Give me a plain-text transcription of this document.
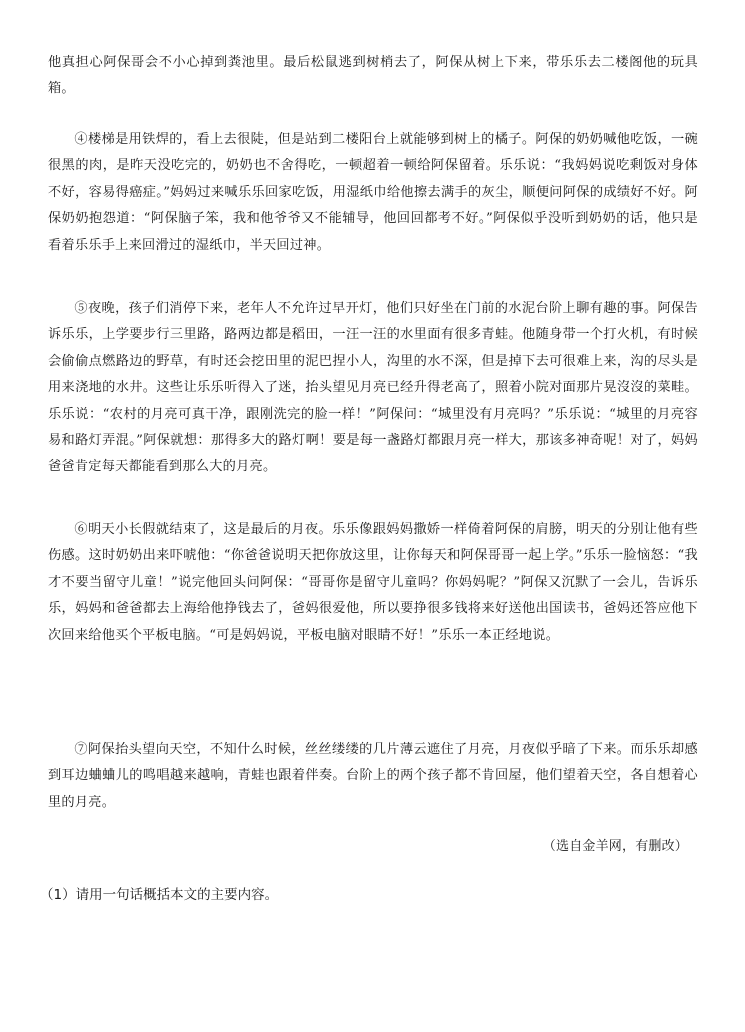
他真担心阿保哥会不小心掉到粪池里。最后松鼠逃到树梢去了，阿保从树上下来，带乐乐去二楼阁他的玩具箱。
④楼梯是用铁焊的，看上去很陡，但是站到二楼阳台上就能够到树上的橘子。阿保的奶奶喊他吃饭，一碗很黑的肉，是昨天没吃完的，奶奶也不舍得吃，一顿超着一顿给阿保留着。乐乐说：“我妈妈说吃剩饭对身体不好，容易得癌症。”妈妈过来喊乐乐回家吃饭，用湿纸巾给他擦去满手的灰尘，顺便问阿保的成绩好不好。阿保奶奶抱怨道：“阿保脑子笨，我和他爷爷又不能辅导，他回回都考不好。”阿保似乎没听到奶奶的话，他只是看着乐乐手上来回滑过的湿纸巾，半天回过神。
⑤夜晚，孩子们消停下来，老年人不允许过早开灯，他们只好坐在门前的水泥台阶上聊有趣的事。阿保告诉乐乐，上学要步行三里路，路两边都是稻田，一汪一汪的水里面有很多青蛙。他随身带一个打火机，有时候会偷偷点燃路边的野草，有时还会挖田里的泥巴捏小人，沟里的水不深，但是掉下去可很难上来，沟的尽头是用来浇地的水井。这些让乐乐听得入了迷，抬头望见月亮已经升得老高了，照着小院对面那片晃沒沒的菜畦。乐乐说：“农村的月亮可真干净，跟刚洗完的脸一样！”阿保问：“城里没有月亮吗？”乐乐说：“城里的月亮容易和路灯弄混。”阿保就想：那得多大的路灯啊！要是每一盏路灯都跟月亮一样大，那该多神奇呢！对了，妈妈爸爸肯定每天都能看到那么大的月亮。
⑥明天小长假就结束了，这是最后的月夜。乐乐像跟妈妈撒娇一样倚着阿保的肩膀，明天的分别让他有些伤感。这时奶奶出来吓唬他：“你爸爸说明天把你放这里，让你每天和阿保哥哥一起上学。”乐乐一脸恼怒：“我才不要当留守儿童！”说完他回头问阿保：“哥哥你是留守儿童吗？你妈妈呢？”阿保又沉默了一会儿，告诉乐乐，妈妈和爸爸都去上海给他挣钱去了，爸妈很爱他，所以要挣很多钱将来好送他出国读书，爸妈还答应他下次回来给他买个平板电脑。“可是妈妈说，平板电脑对眼睛不好！”乐乐一本正经地说。
⑦阿保抬头望向天空，不知什么时候，丝丝缕缕的几片薄云遮住了月亮，月夜似乎暗了下来。而乐乐却感到耳边蛐蛐儿的鸣唱越来越响，青蛙也跟着伴奏。台阶上的两个孩子都不肯回屋，他们望着天空，各自想着心里的月亮。
（选自金羊网，有删改）
（1）请用一句话概括本文的主要内容。
